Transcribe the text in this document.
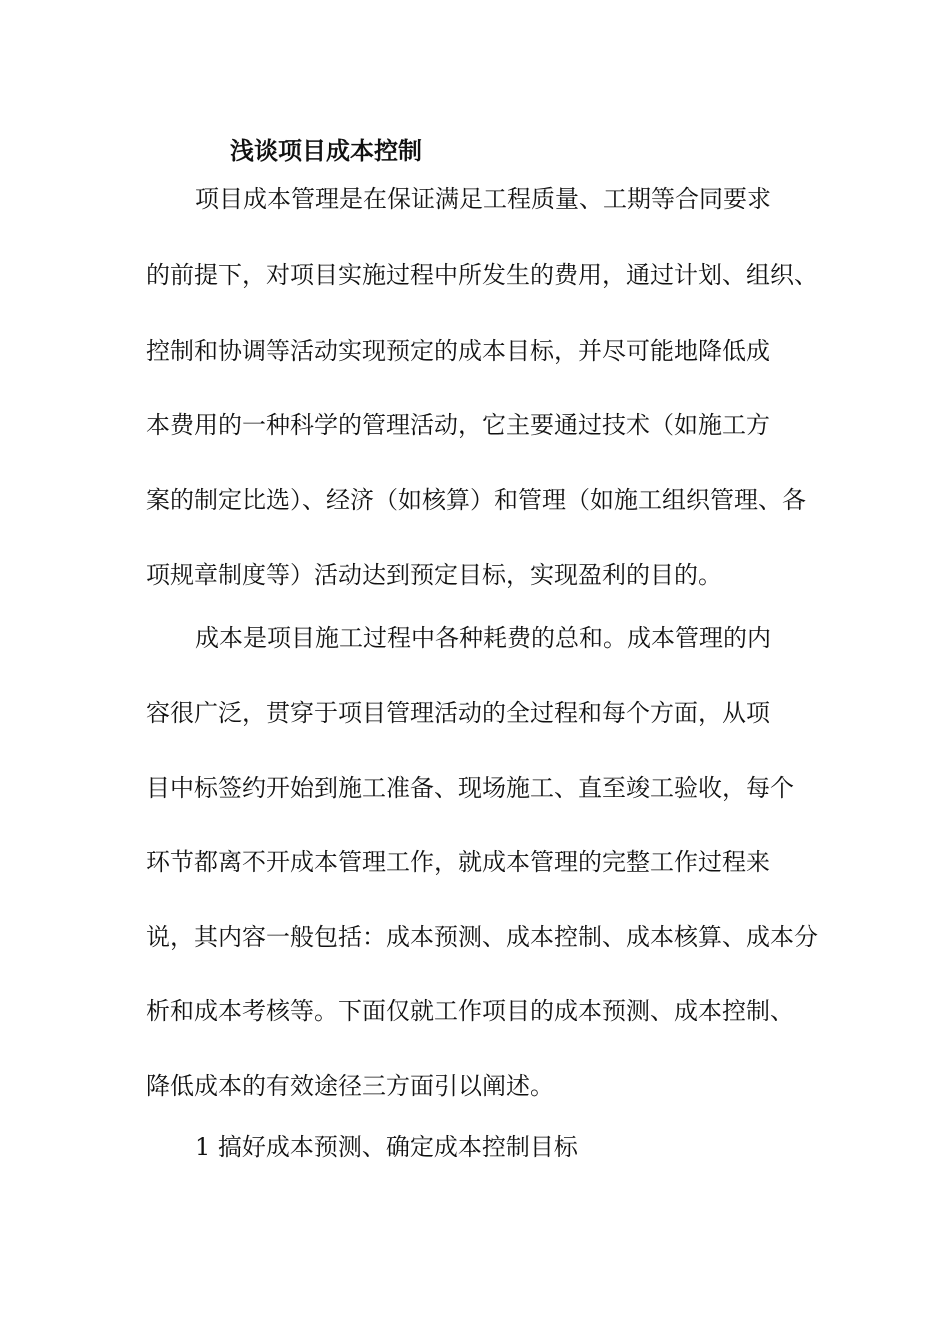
浅谈项目成本控制
项目成本管理是在保证满足工程质量、工期等合同要求
的前提下，对项目实施过程中所发生的费用，通过计划、组织、
控制和协调等活动实现预定的成本目标，并尽可能地降低成
本费用的一种科学的管理活动，它主要通过技术（如施工方
案的制定比选）、经济（如核算）和管理（如施工组织管理、各
项规章制度等）活动达到预定目标，实现盈利的目的。
成本是项目施工过程中各种耗费的总和。成本管理的内
容很广泛，贯穿于项目管理活动的全过程和每个方面，从项
目中标签约开始到施工准备、现场施工、直至竣工验收，每个
环节都离不开成本管理工作，就成本管理的完整工作过程来
说，其内容一般包括：成本预测、成本控制、成本核算、成本分
析和成本考核等。下面仅就工作项目的成本预测、成本控制、
降低成本的有效途径三方面引以阐述。
1 搞好成本预测、确定成本控制目标
